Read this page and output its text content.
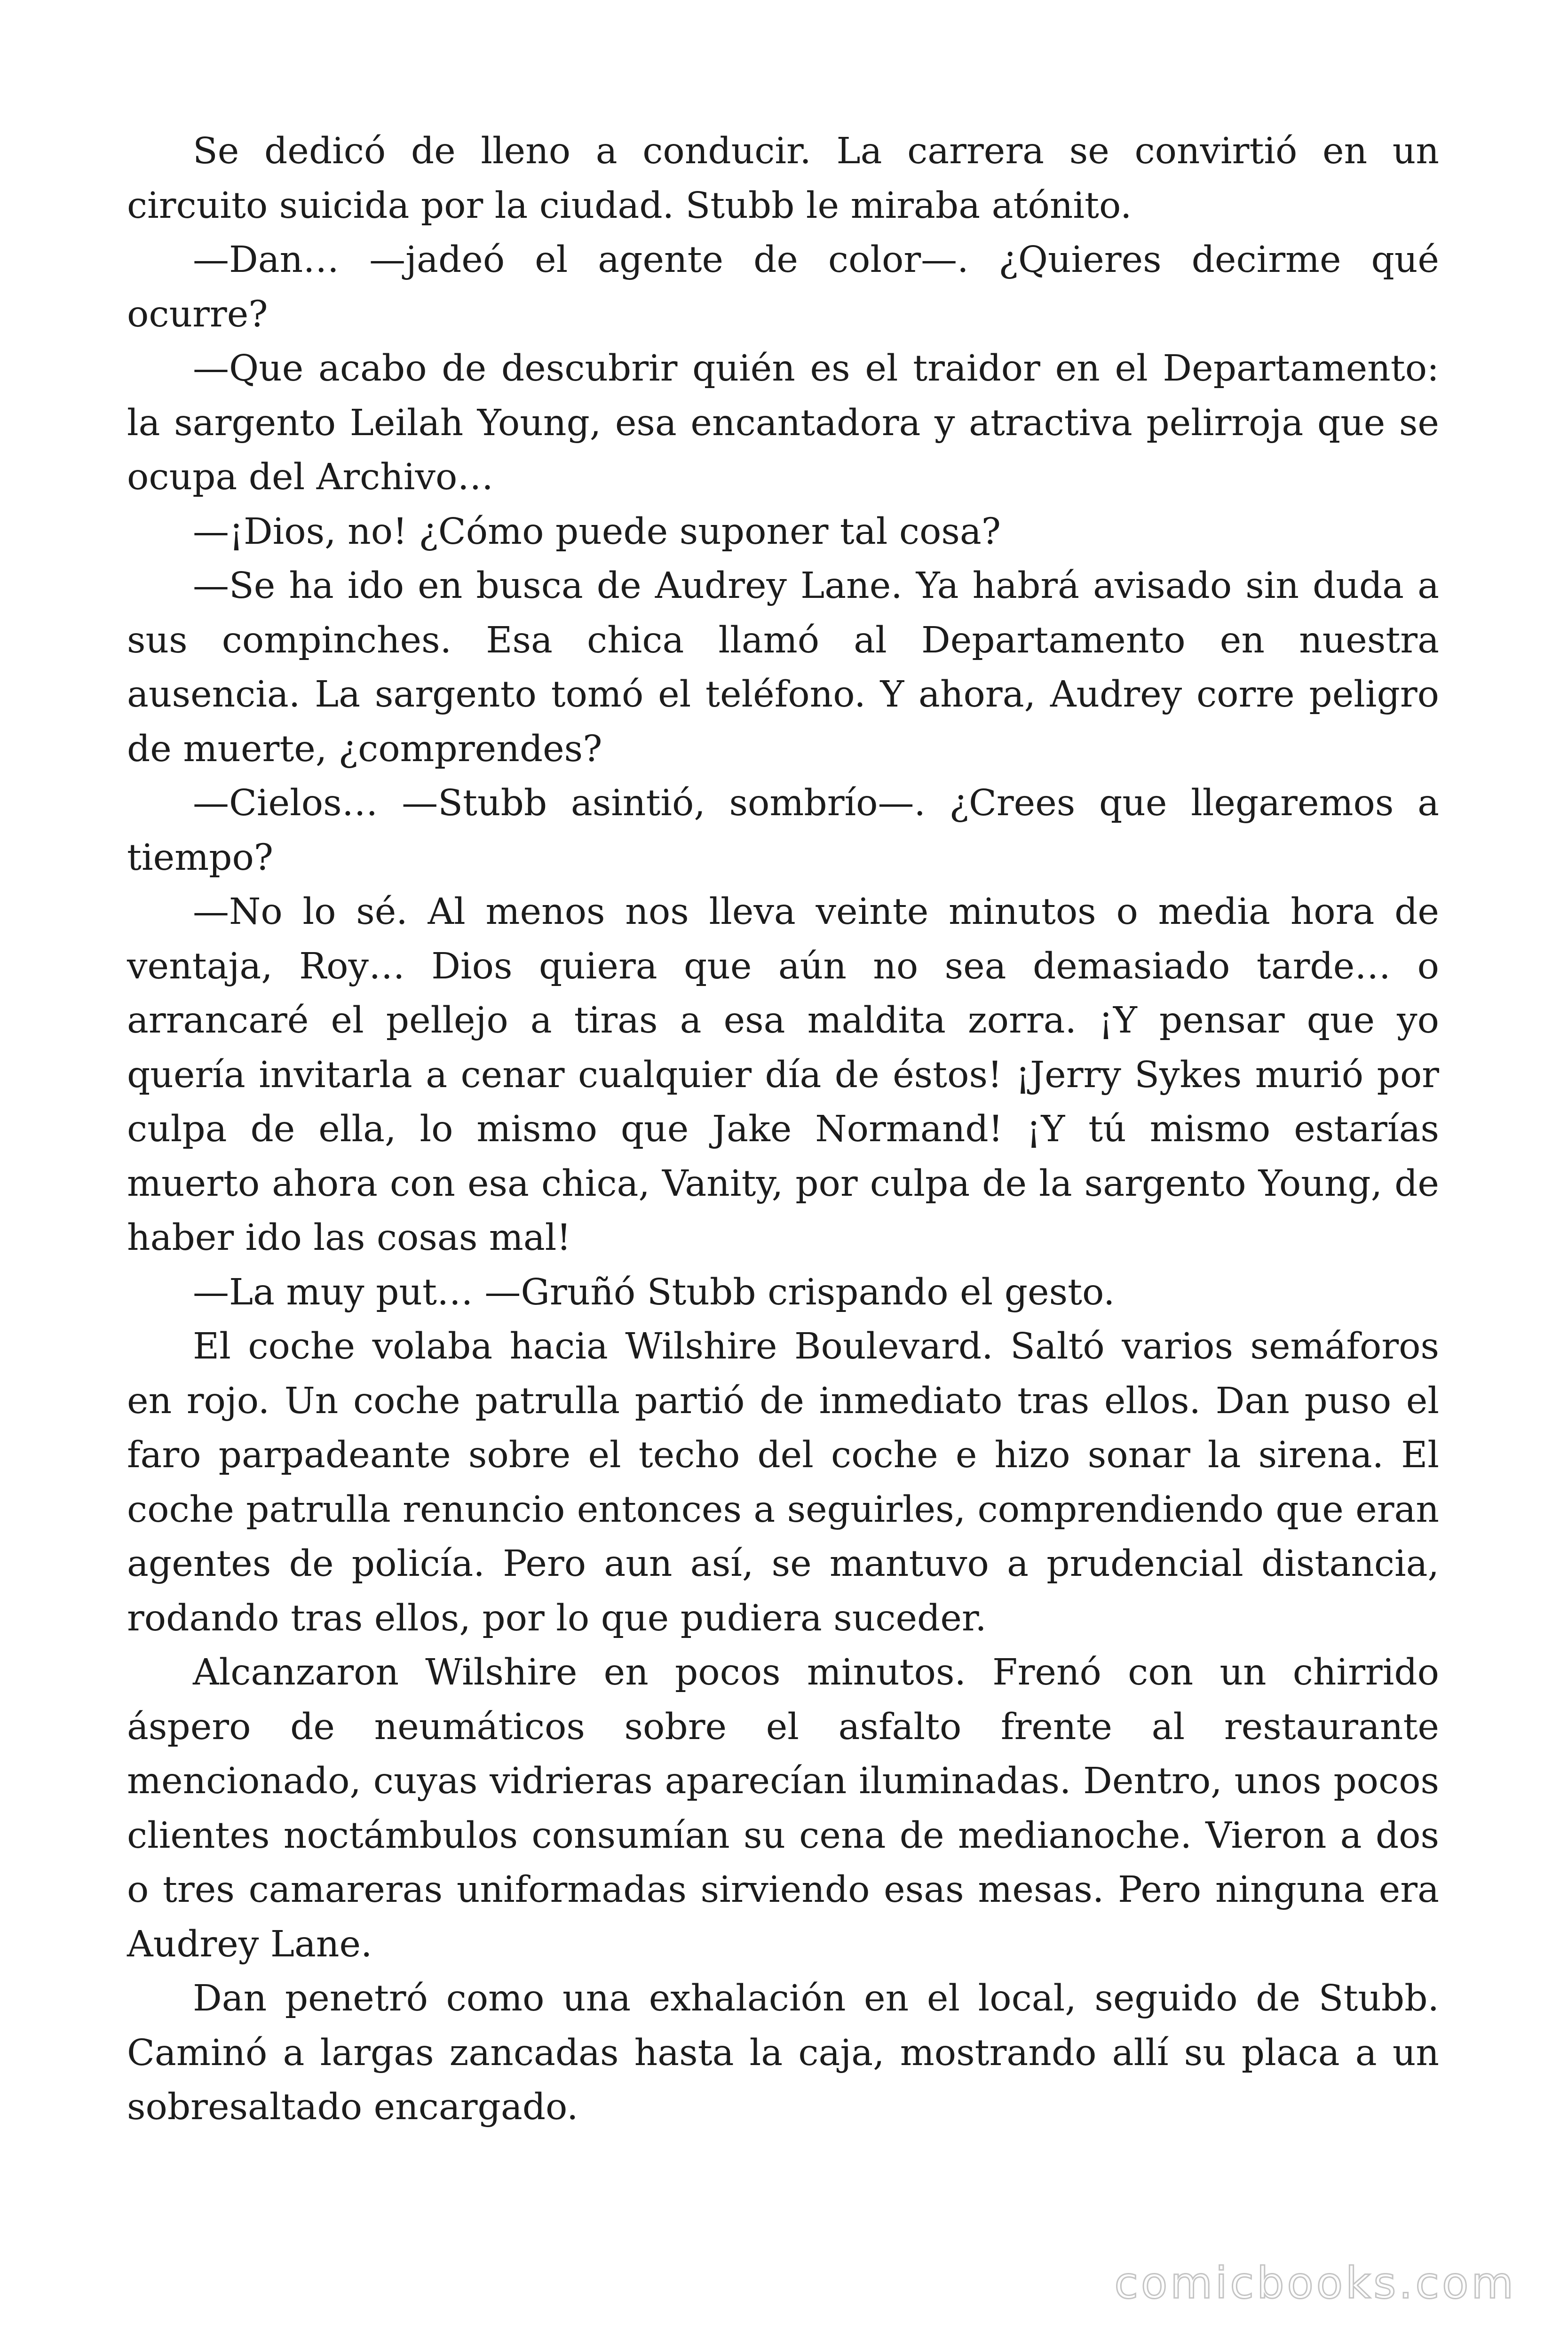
Se dedicó de lleno a conducir. La carrera se convirtió en un circuito suicida por la ciudad. Stubb le miraba atónito.

—Dan… —jadeó el agente de color—. ¿Quieres decirme qué ocurre?

—Que acabo de descubrir quién es el traidor en el Departamento: la sargento Leilah Young, esa encantadora y atractiva pelirroja que se ocupa del Archivo…

—¡Dios, no! ¿Cómo puede suponer tal cosa?

—Se ha ido en busca de Audrey Lane. Ya habrá avisado sin duda a sus compinches. Esa chica llamó al Departamento en nuestra ausencia. La sargento tomó el teléfono. Y ahora, Audrey corre peligro de muerte, ¿comprendes?

—Cielos… —Stubb asintió, sombrío—. ¿Crees que llegaremos a tiempo?

—No lo sé. Al menos nos lleva veinte minutos o media hora de ventaja, Roy… Dios quiera que aún no sea demasiado tarde… o arrancaré el pellejo a tiras a esa maldita zorra. ¡Y pensar que yo quería invitarla a cenar cualquier día de éstos! ¡Jerry Sykes murió por culpa de ella, lo mismo que Jake Normand! ¡Y tú mismo estarías muerto ahora con esa chica, Vanity, por culpa de la sargento Young, de haber ido las cosas mal!

—La muy put… —Gruñó Stubb crispando el gesto.

El coche volaba hacia Wilshire Boulevard. Saltó varios semáforos en rojo. Un coche patrulla partió de inmediato tras ellos. Dan puso el faro parpadeante sobre el techo del coche e hizo sonar la sirena. El coche patrulla renuncio entonces a seguirles, comprendiendo que eran agentes de policía. Pero aun así, se mantuvo a prudencial distancia, rodando tras ellos, por lo que pudiera suceder.

Alcanzaron Wilshire en pocos minutos. Frenó con un chirrido áspero de neumáticos sobre el asfalto frente al restaurante mencionado, cuyas vidrieras aparecían iluminadas. Dentro, unos pocos clientes noctámbulos consumían su cena de medianoche. Vieron a dos o tres camareras uniformadas sirviendo esas mesas. Pero ninguna era Audrey Lane.

Dan penetró como una exhalación en el local, seguido de Stubb. Caminó a largas zancadas hasta la caja, mostrando allí su placa a un sobresaltado encargado.

comicbooks.com
